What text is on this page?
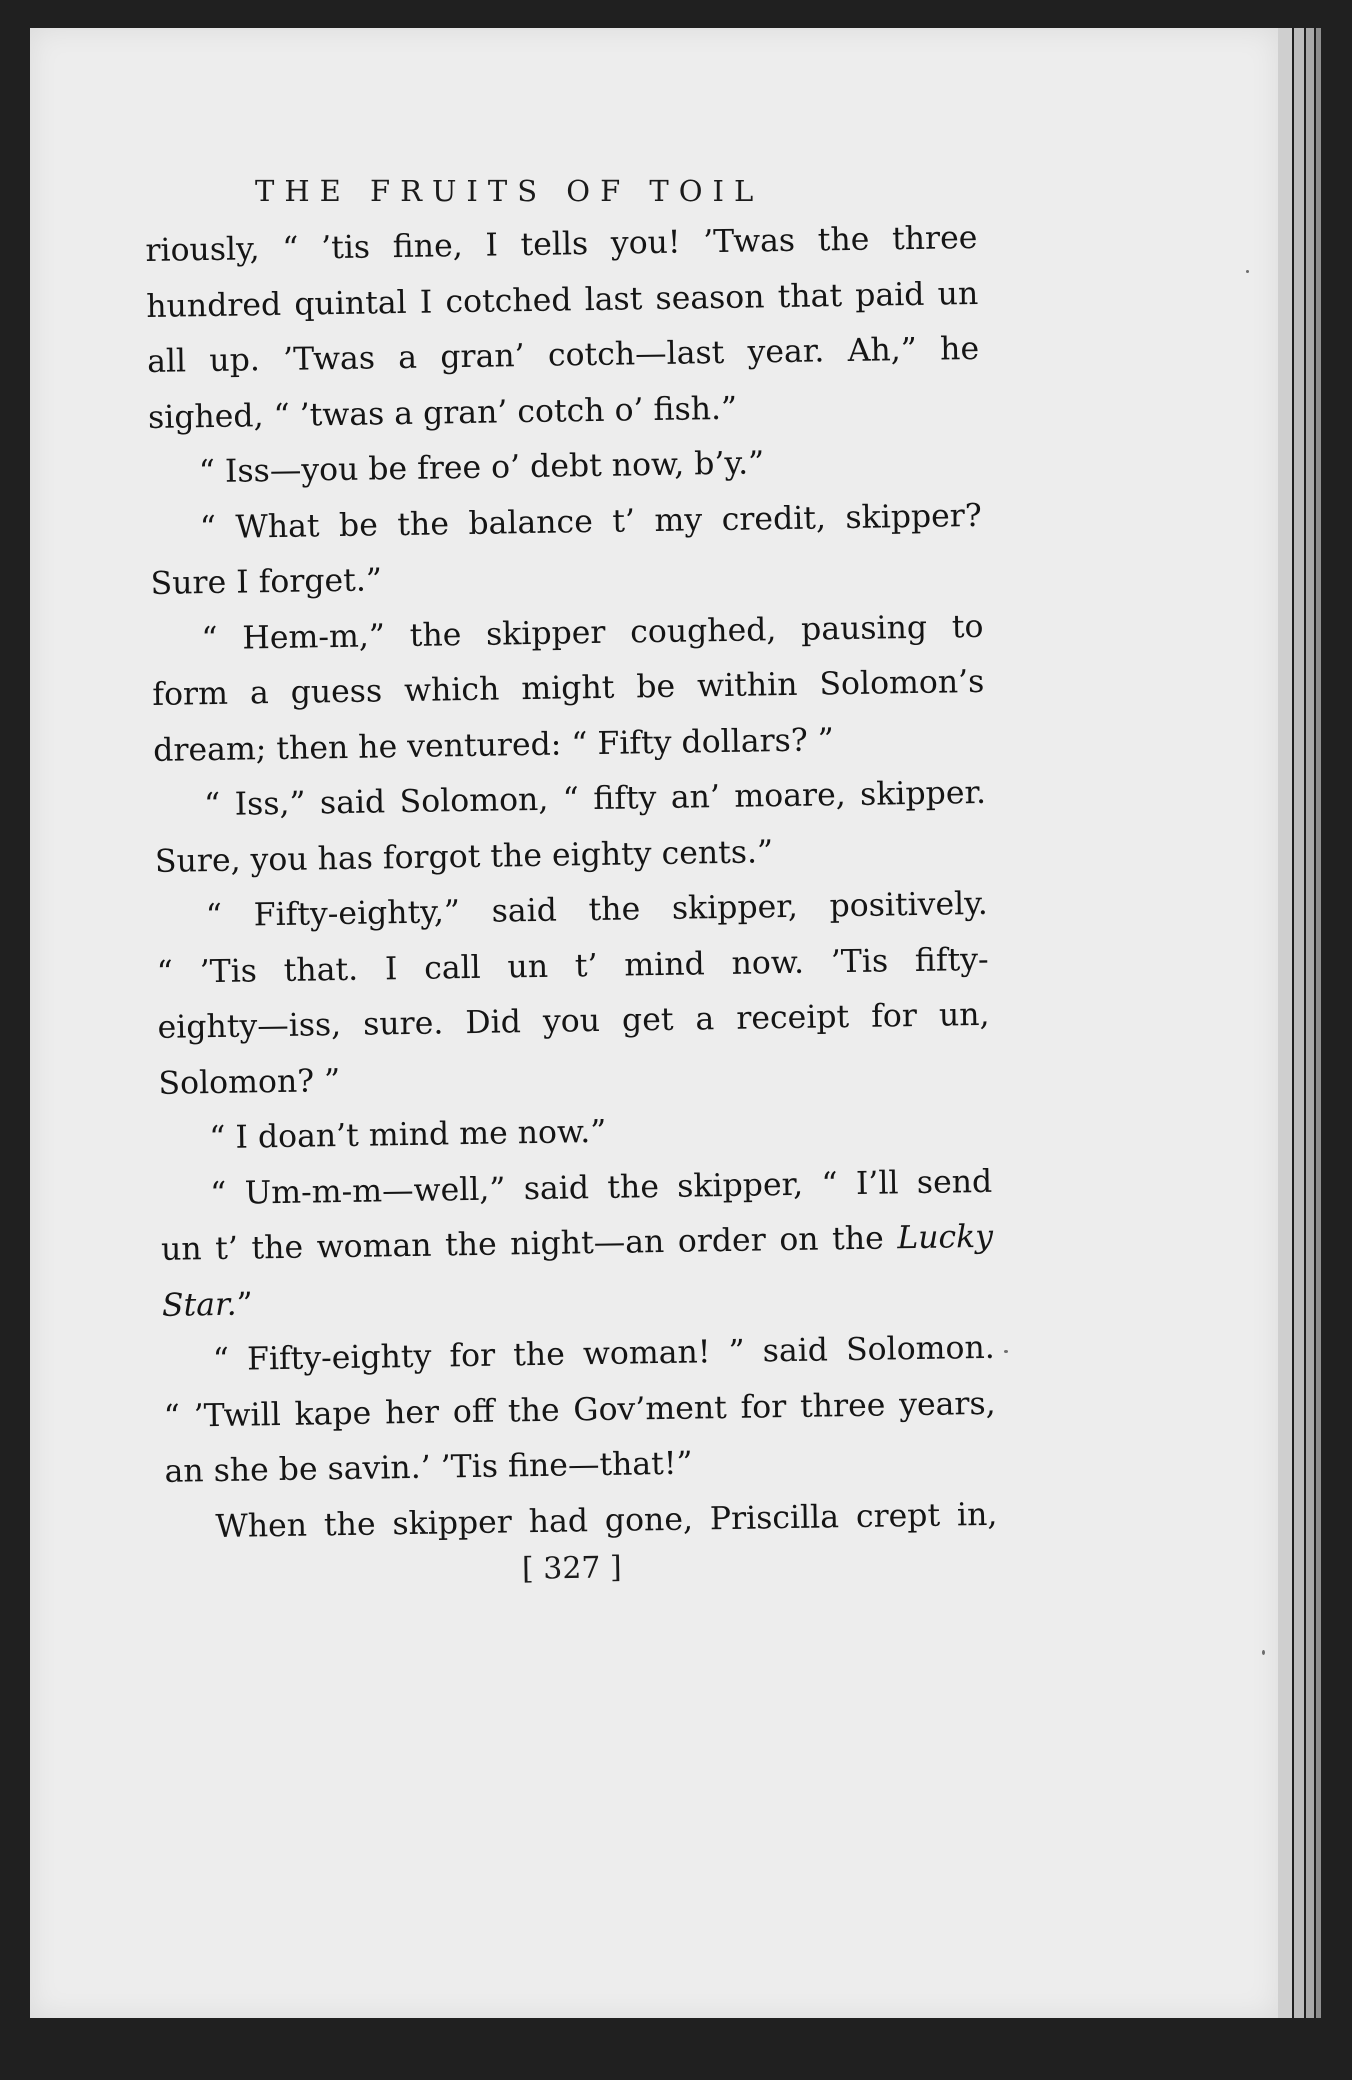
THE FRUITS OF TOIL
riously, “ ’tis fine, I tells you! ’Twas the three
hundred quintal I cotched last season that paid un
all up. ’Twas a gran’ cotch—last year. Ah,” he
sighed, “ ’twas a gran’ cotch o’ fish.”
“ Iss—you be free o’ debt now, b’y.”
“ What be the balance t’ my credit, skipper?
Sure I forget.”
“ Hem-m,” the skipper coughed, pausing to
form a guess which might be within Solomon’s
dream; then he ventured: “ Fifty dollars? ”
“ Iss,” said Solomon, “ fifty an’ moare, skipper.
Sure, you has forgot the eighty cents.”
“ Fifty-eighty,” said the skipper, positively.
“ ’Tis that. I call un t’ mind now. ’Tis fifty-
eighty—iss, sure. Did you get a receipt for un,
Solomon? ”
“ I doan’t mind me now.”
“ Um-m-m—well,” said the skipper, “ I’ll send
un t’ the woman the night—an order on the Lucky
Star.”
“ Fifty-eighty for the woman! ” said Solomon.
“ ’Twill kape her off the Gov’ment for three years,
an she be savin.’ ’Tis fine—that!”
When the skipper had gone, Priscilla crept in,
[ 327 ]
